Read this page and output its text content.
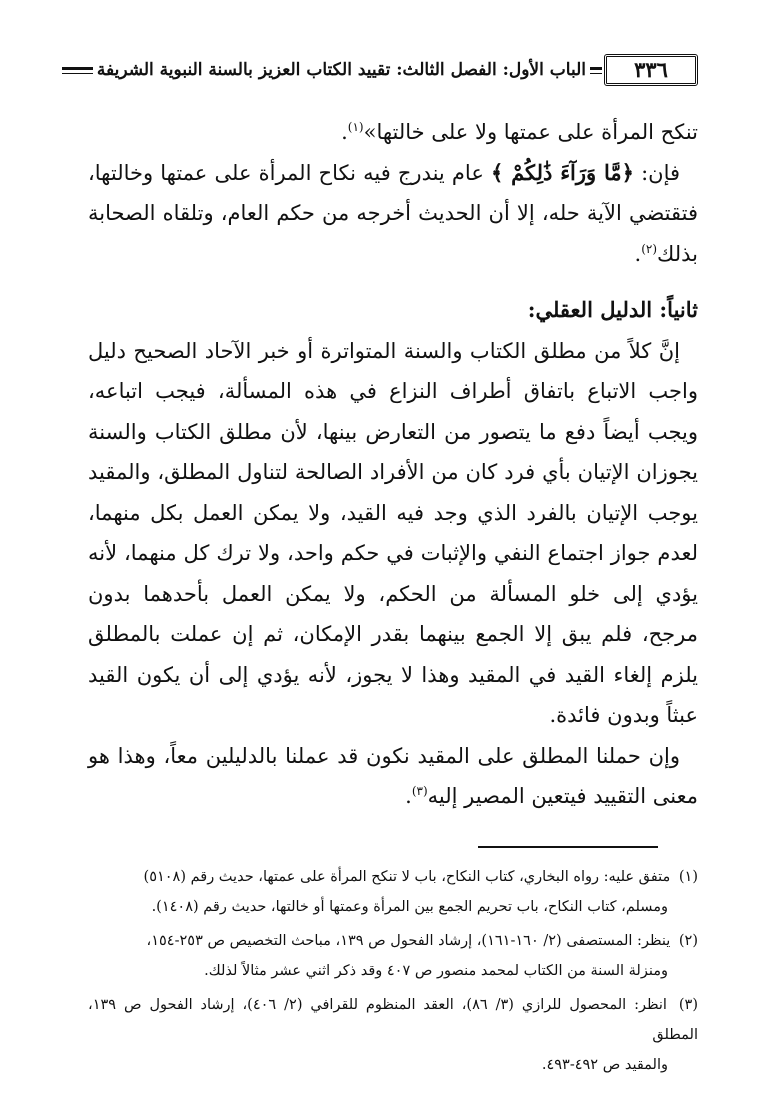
الباب الأول: الفصل الثالث: تقييد الكتاب العزيز بالسنة النبوية الشريفة	٣٣٦

تنكح المرأة على عمتها ولا على خالتها»$^{(١)}$.

فإن: ﴿مَّا وَرَآءَ ذَٰلِكُمْ ﴾ عام يندرج فيه نكاح المرأة على عمتها وخالتها، فتقتضي الآية حله، إلا أن الحديث أخرجه من حكم العام، وتلقاه الصحابة بذلك$^{(٢)}$.

ثانياً: الدليل العقلي:

إنَّ كلاً من مطلق الكتاب والسنة المتواترة أو خبر الآحاد الصحيح دليل واجب الاتباع باتفاق أطراف النزاع في هذه المسألة، فيجب اتباعه، ويجب أيضاً دفع ما يتصور من التعارض بينها، لأن مطلق الكتاب والسنة يجوزان الإتيان بأي فرد كان من الأفراد الصالحة لتناول المطلق، والمقيد يوجب الإتيان بالفرد الذي وجد فيه القيد، ولا يمكن العمل بكل منهما، لعدم جواز اجتماع النفي والإثبات في حكم واحد، ولا ترك كل منهما، لأنه يؤدي إلى خلو المسألة من الحكم، ولا يمكن العمل بأحدهما بدون مرجح، فلم يبق إلا الجمع بينهما بقدر الإمكان، ثم إن عملت بالمطلق يلزم إلغاء القيد في المقيد وهذا لا يجوز، لأنه يؤدي إلى أن يكون القيد عبثاً وبدون فائدة.

وإن حملنا المطلق على المقيد نكون قد عملنا بالدليلين معاً، وهذا هو معنى التقييد فيتعين المصير إليه$^{(٣)}$.

(١) متفق عليه: رواه البخاري، كتاب النكاح، باب لا تنكح المرأة على عمتها، حديث رقم (٥١٠٨)
ومسلم، كتاب النكاح، باب تحريم الجمع بين المرأة وعمتها أو خالتها، حديث رقم (١٤٠٨).
(٢) ينظر: المستصفى (٢/ ١٦٠-١٦١)، إرشاد الفحول ص ١٣٩، مباحث التخصيص ص ٢٥٣-١٥٤،
ومنزلة السنة من الكتاب لمحمد منصور ص ٤٠٧ وقد ذكر اثني عشر مثالاً لذلك.
(٣) انظر: المحصول للرازي (٣/ ٨٦)، العقد المنظوم للقرافي (٢/ ٤٠٦)، إرشاد الفحول ص ١٣٩، المطلق
والمقيد ص ٤٩٢-٤٩٣.
